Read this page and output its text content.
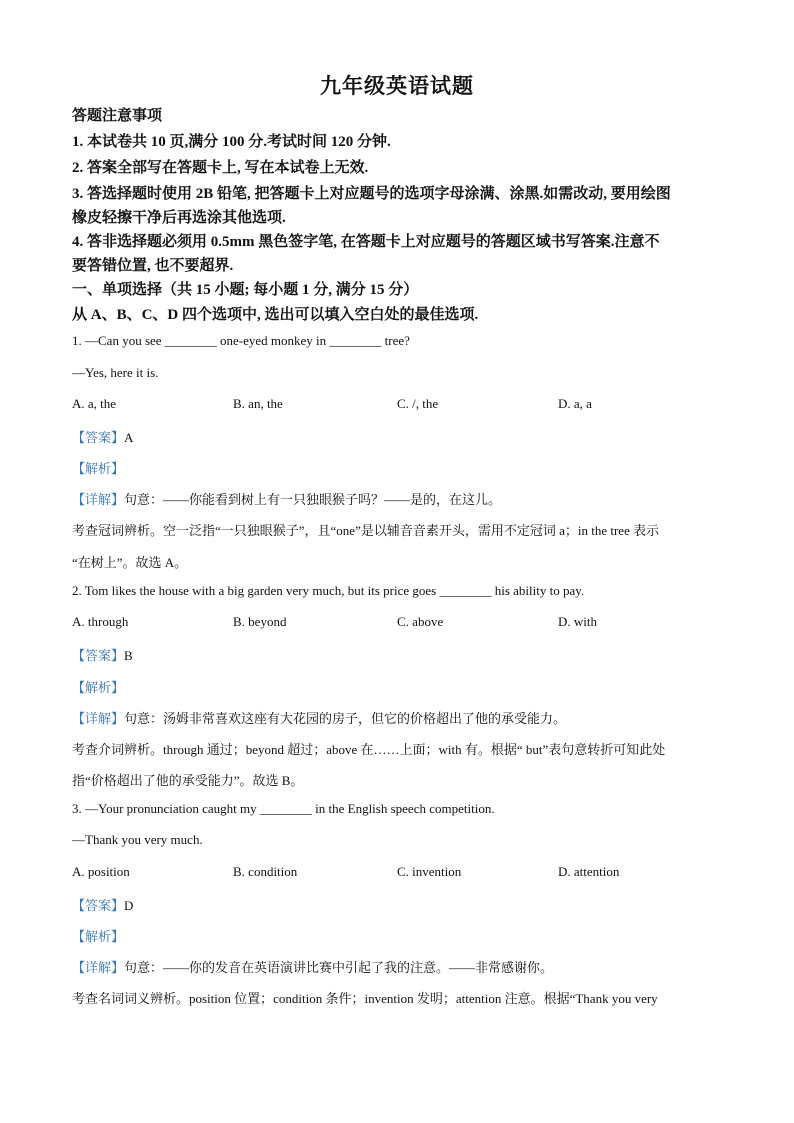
九年级英语试题
答题注意事项
1. 本试卷共 10 页,满分 100 分.考试时间 120 分钟.
2. 答案全部写在答题卡上, 写在本试卷上无效.
3. 答选择题时使用 2B 铅笔, 把答题卡上对应题号的选项字母涂满、涂黑.如需改动, 要用绘图
橡皮轻擦干净后再选涂其他选项.
4. 答非选择题必须用 0.5mm 黑色签字笔, 在答题卡上对应题号的答题区域书写答案.注意不
要答错位置, 也不要超界.
一、单项选择（共 15 小题; 每小题 1 分, 满分 15 分）
从 A、B、C、D 四个选项中, 选出可以填入空白处的最佳选项.
1. —Can you see ________ one-eyed monkey in ________ tree?
—Yes, here it is.
A. a, the	B. an, the	C. /, the	D. a, a
【答案】A
【解析】
【详解】句意：——你能看到树上有一只独眼猴子吗？——是的，在这儿。
考查冠词辨析。空一泛指“一只独眼猴子”，且“one”是以辅音音素开头，需用不定冠词 a；in the tree 表示
“在树上”。故选 A。
2. Tom likes the house with a big garden very much, but its price goes ________ his ability to pay.
A. through	B. beyond	C. above	D. with
【答案】B
【解析】
【详解】句意：汤姆非常喜欢这座有大花园的房子，但它的价格超出了他的承受能力。
考查介词辨析。through 通过；beyond 超过；above 在……上面；with 有。根据“ but”表句意转折可知此处
指“价格超出了他的承受能力”。故选 B。
3. —Your pronunciation caught my ________ in the English speech competition.
—Thank you very much.
A. position	B. condition	C. invention	D. attention
【答案】D
【解析】
【详解】句意：——你的发音在英语演讲比赛中引起了我的注意。——非常感谢你。
考查名词词义辨析。position 位置；condition 条件；invention 发明；attention 注意。根据“Thank you very
